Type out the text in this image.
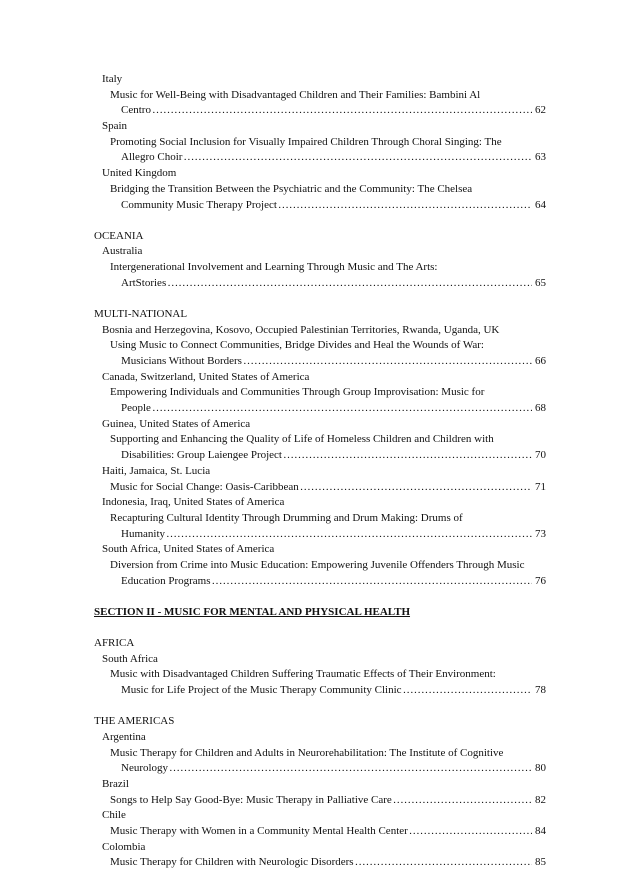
Italy
Music for Well-Being with Disadvantaged Children and Their Families: Bambini Al
Centro ………………………………………………………………………………………………………………………………………………………………………………………………………	62
Spain
Promoting Social Inclusion for Visually Impaired Children Through Choral Singing: The
Allegro Choir ………………………………………………………………………………………………………………………………………………………………………………………………………	63
United Kingdom
Bridging the Transition Between the Psychiatric and the Community: The Chelsea
Community Music Therapy Project ………………………………………………………………………………………………………………………………………………………………………………………………………	64
OCEANIA
Australia
Intergenerational Involvement and Learning Through Music and The Arts:
ArtStories ………………………………………………………………………………………………………………………………………………………………………………………………………	65
MULTI-NATIONAL
Bosnia and Herzegovina, Kosovo, Occupied Palestinian Territories, Rwanda, Uganda, UK
Using Music to Connect Communities, Bridge Divides and Heal the Wounds of War:
Musicians Without Borders ………………………………………………………………………………………………………………………………………………………………………………………………………	66
Canada, Switzerland, United States of America
Empowering Individuals and Communities Through Group Improvisation: Music for
People ………………………………………………………………………………………………………………………………………………………………………………………………………	68
Guinea, United States of America
Supporting and Enhancing the Quality of Life of Homeless Children and Children with
Disabilities: Group Laiengee Project ………………………………………………………………………………………………………………………………………………………………………………………………………	70
Haiti, Jamaica, St. Lucia
Music for Social Change: Oasis-Caribbean ………………………………………………………………………………………………………………………………………………………………………………………………………	71
Indonesia, Iraq, United States of America
Recapturing Cultural Identity Through Drumming and Drum Making: Drums of
Humanity ………………………………………………………………………………………………………………………………………………………………………………………………………	73
South Africa, United States of America
Diversion from Crime into Music Education: Empowering Juvenile Offenders Through Music
Education Programs ………………………………………………………………………………………………………………………………………………………………………………………………………	76
SECTION II - MUSIC FOR MENTAL AND PHYSICAL HEALTH
AFRICA
South Africa
Music with Disadvantaged Children Suffering Traumatic Effects of Their Environment:
Music for Life Project of the Music Therapy Community Clinic ………………………………………………………………………………………………………………………………………………………………………………………………………	78
THE AMERICAS
Argentina
Music Therapy for Children and Adults in Neurorehabilitation: The Institute of Cognitive
Neurology ………………………………………………………………………………………………………………………………………………………………………………………………………	80
Brazil
Songs to Help Say Good-Bye: Music Therapy in Palliative Care ………………………………………………………………………………………………………………………………………………………………………………………………………	82
Chile
Music Therapy with Women in a Community Mental Health Center ………………………………………………………………………………………………………………………………………………………………………………………………………	84
Colombia
Music Therapy for Children with Neurologic Disorders ………………………………………………………………………………………………………………………………………………………………………………………………………	85
